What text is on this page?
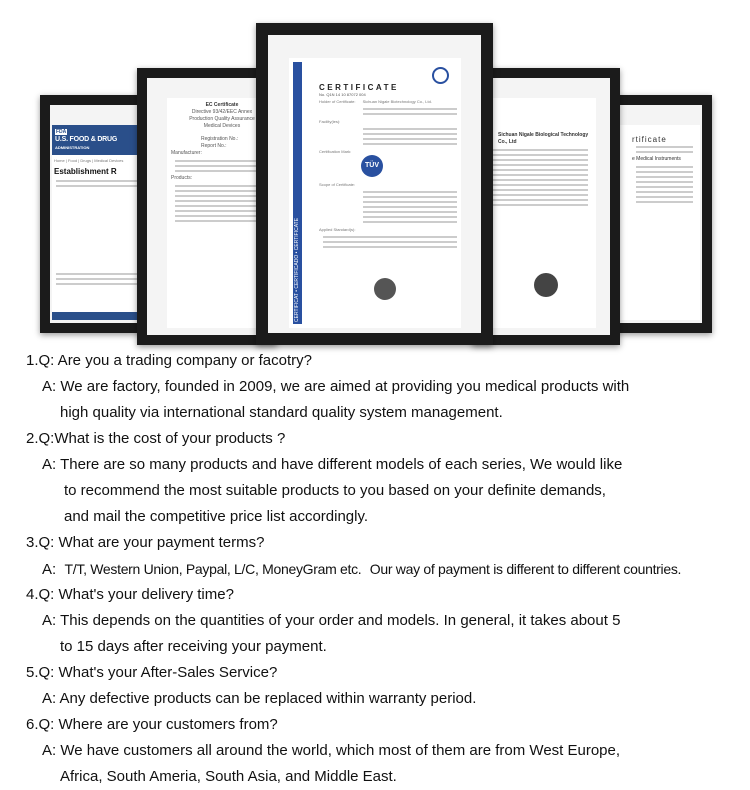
FDA
U.S. FOOD & DRUG
ADMINISTRATION
Home | Food | Drugs | Medical Devices
Establishment R
rtificate
e Medical Instruments
EC Certificate
Directive 93/42/EEC Annex
Production Quality Assurance
Medical Devices
Registration No.:
Report No.:
Manufacturer:
Products:
Sichuan Nigale Biological Technology Co., Ltd
CERTIFICAT • CERTIFICADO • CERTIFICATE
CERTIFICATE
No. Q1N 14 10 87072 004
Holder of Certificate: Sichuan Nigale Biotechnology Co., Ltd.
Facility(ies):
Certification Mark:
TÜV
Scope of Certificate:
Applied Standard(s):
1.Q: Are you a trading company or facotry?
A: We are factory, founded in 2009, we are aimed at providing you medical products with
high quality via international standard quality system management.
2.Q:What is the cost of your products ?
A: There are so many products and have different models of each series, We would like
to recommend the most suitable products to you based on your definite demands,
and mail the competitive price list accordingly.
3.Q: What are your payment terms?
A: T/T, Western Union, Paypal, L/C, MoneyGram etc. Our way of payment is different to different countries.
4.Q: What's your delivery time?
A: This depends on the quantities of your order and models. In general, it takes about 5
to 15 days after receiving your payment.
5.Q: What's your After-Sales Service?
A: Any defective products can be replaced within warranty period.
6.Q: Where are your customers from?
A: We have customers all around the world, which most of them are from West Europe,
Africa, South Ameria, South Asia, and Middle East.
